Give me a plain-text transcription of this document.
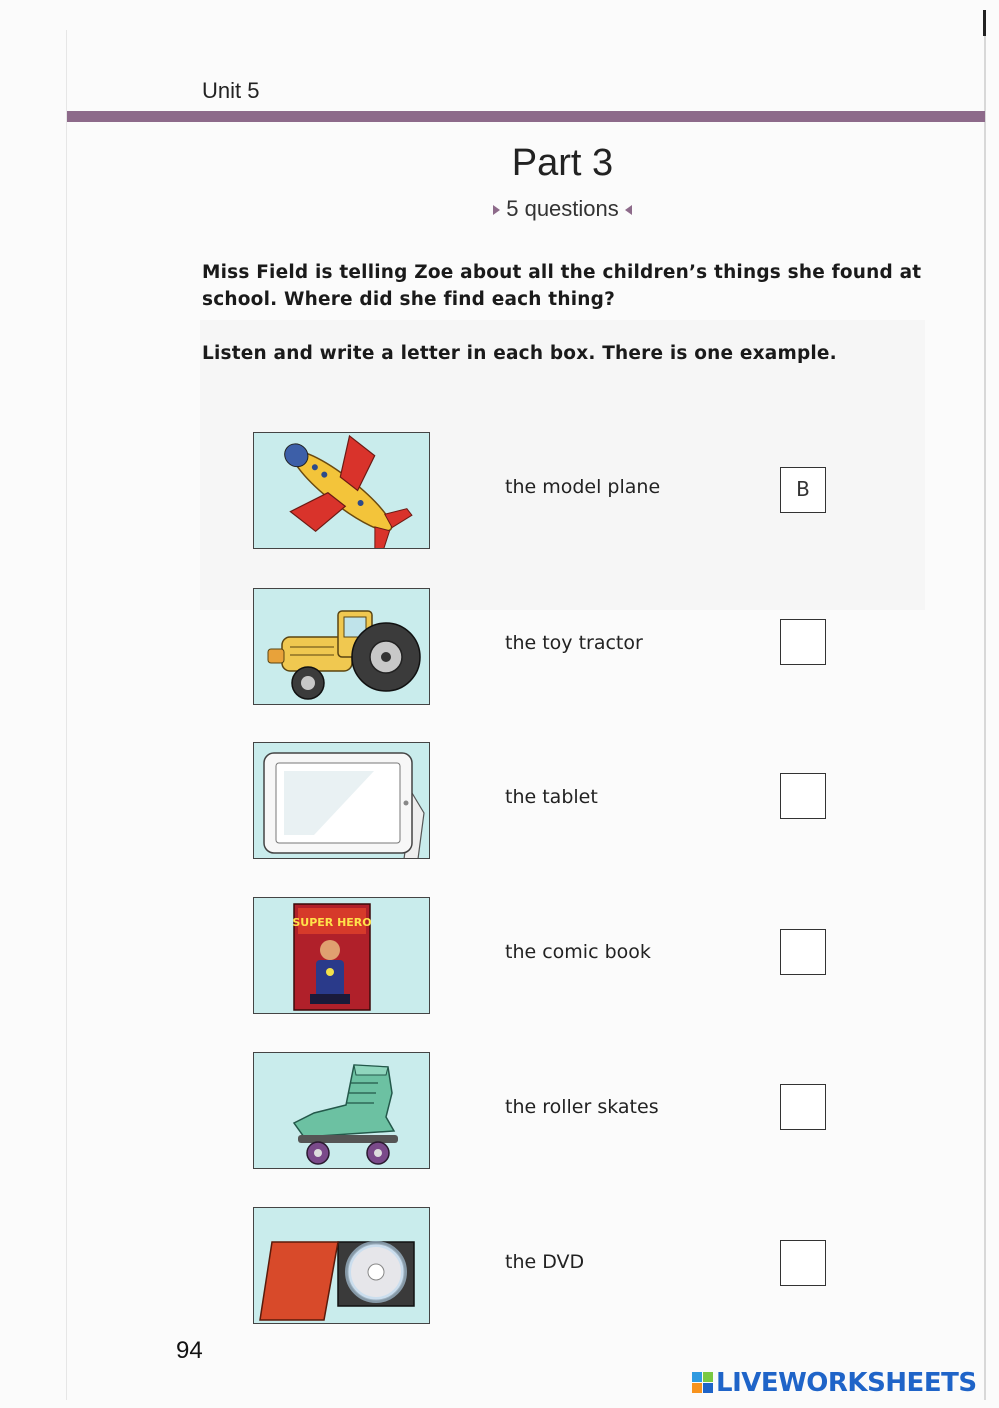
Unit 5
Part 3
5 questions
Miss Field is telling Zoe about all the children’s things she found at
school. Where did she find each thing?
Listen and write a letter in each box. There is one example.
the model plane	B
the toy tractor
the tablet
SUPER HERO
the comic book
the roller skates
the DVD
94
LIVEWORKSHEETS
